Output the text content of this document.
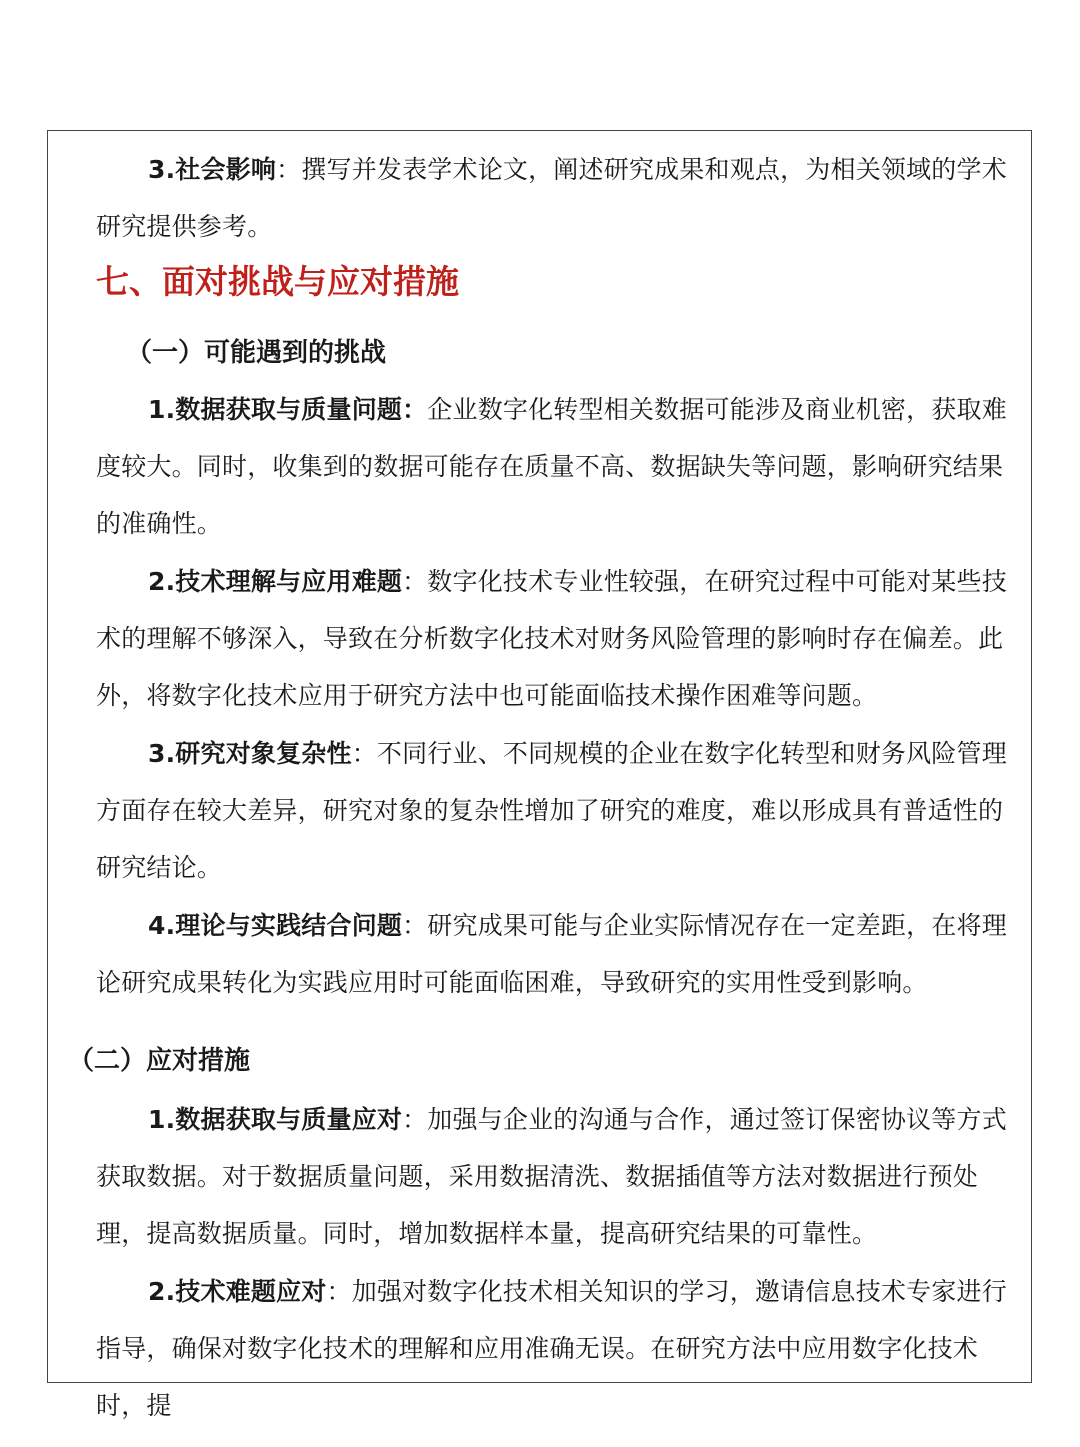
3.社会影响：撰写并发表学术论文，阐述研究成果和观点，为相关领域的学术研究提供参考。

七、面对挑战与应对措施
（一）可能遇到的挑战

1.数据获取与质量问题：企业数字化转型相关数据可能涉及商业机密，获取难度较大。同时，收集到的数据可能存在质量不高、数据缺失等问题，影响研究结果的准确性。

2.技术理解与应用难题：数字化技术专业性较强，在研究过程中可能对某些技术的理解不够深入，导致在分析数字化技术对财务风险管理的影响时存在偏差。此外，将数字化技术应用于研究方法中也可能面临技术操作困难等问题。

3.研究对象复杂性：不同行业、不同规模的企业在数字化转型和财务风险管理方面存在较大差异，研究对象的复杂性增加了研究的难度，难以形成具有普适性的研究结论。

4.理论与实践结合问题：研究成果可能与企业实际情况存在一定差距，在将理论研究成果转化为实践应用时可能面临困难，导致研究的实用性受到影响。

（二）应对措施

1.数据获取与质量应对：加强与企业的沟通与合作，通过签订保密协议等方式获取数据。对于数据质量问题，采用数据清洗、数据插值等方法对数据进行预处理，提高数据质量。同时，增加数据样本量，提高研究结果的可靠性。

2.技术难题应对：加强对数字化技术相关知识的学习，邀请信息技术专家进行指导，确保对数字化技术的理解和应用准确无误。在研究方法中应用数字化技术时，提
